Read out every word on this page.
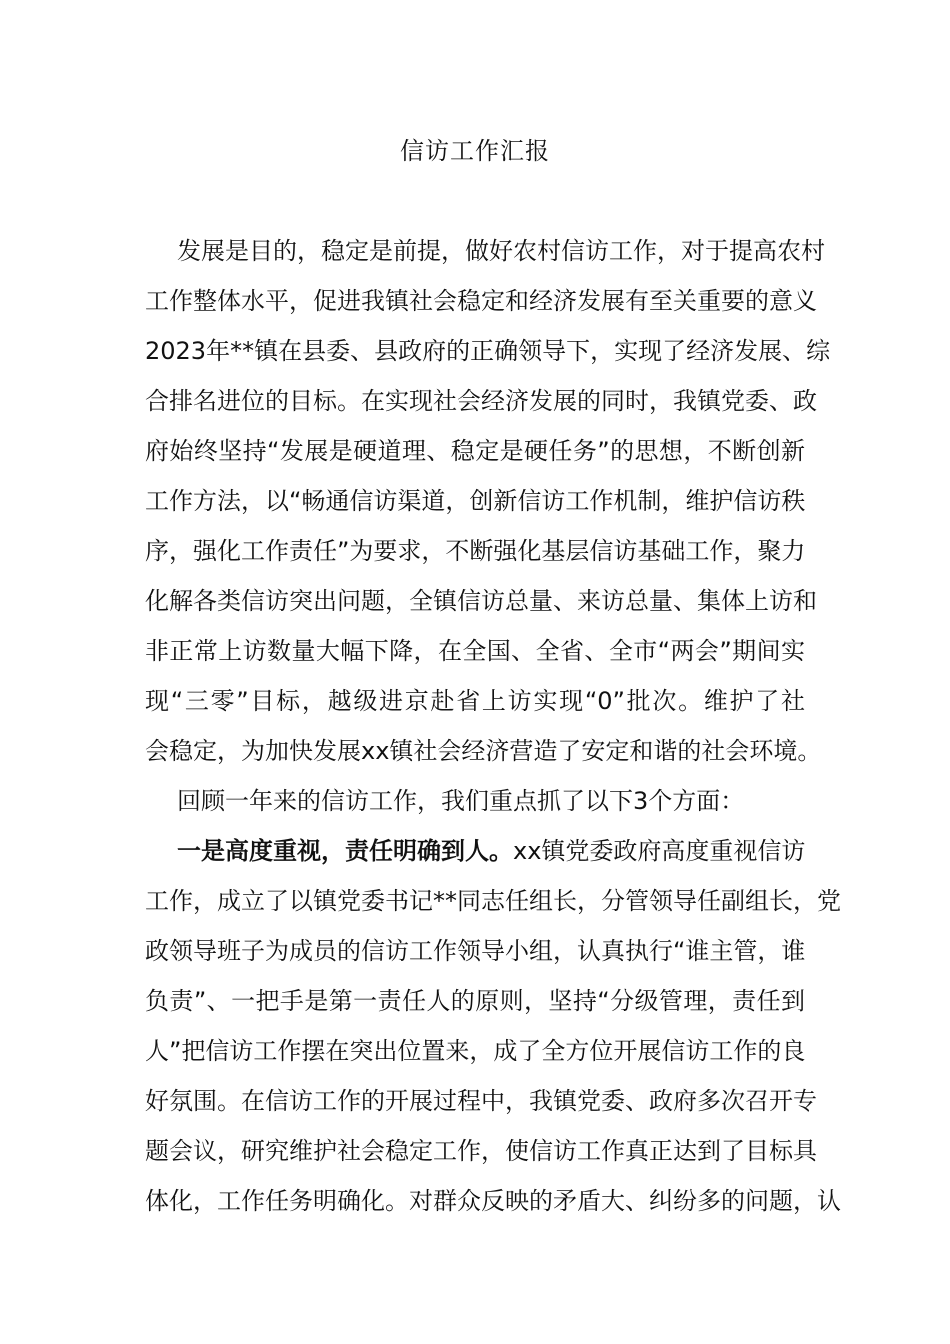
信访工作汇报
发展是目的，稳定是前提，做好农村信访工作，对于提高农村
工作整体水平，促进我镇社会稳定和经济发展有至关重要的意义
2023年**镇在县委、县政府的正确领导下，实现了经济发展、综
合排名进位的目标。在实现社会经济发展的同时，我镇党委、政
府始终坚持“发展是硬道理、稳定是硬任务”的思想，不断创新
工作方法，以“畅通信访渠道，创新信访工作机制，维护信访秩
序，强化工作责任”为要求，不断强化基层信访基础工作，聚力
化解各类信访突出问题，全镇信访总量、来访总量、集体上访和
非正常上访数量大幅下降，在全国、全省、全市“两会”期间实
现“三零”目标，越级进京赴省上访实现“0”批次。维护了社
会稳定，为加快发展xx镇社会经济营造了安定和谐的社会环境。
回顾一年来的信访工作，我们重点抓了以下3个方面：
一是高度重视，责任明确到人。xx镇党委政府高度重视信访
工作，成立了以镇党委书记**同志任组长，分管领导任副组长，党
政领导班子为成员的信访工作领导小组，认真执行“谁主管，谁
负责”、一把手是第一责任人的原则，坚持“分级管理，责任到
人”把信访工作摆在突出位置来，成了全方位开展信访工作的良
好氛围。在信访工作的开展过程中，我镇党委、政府多次召开专
题会议，研究维护社会稳定工作，使信访工作真正达到了目标具
体化，工作任务明确化。对群众反映的矛盾大、纠纷多的问题，认
